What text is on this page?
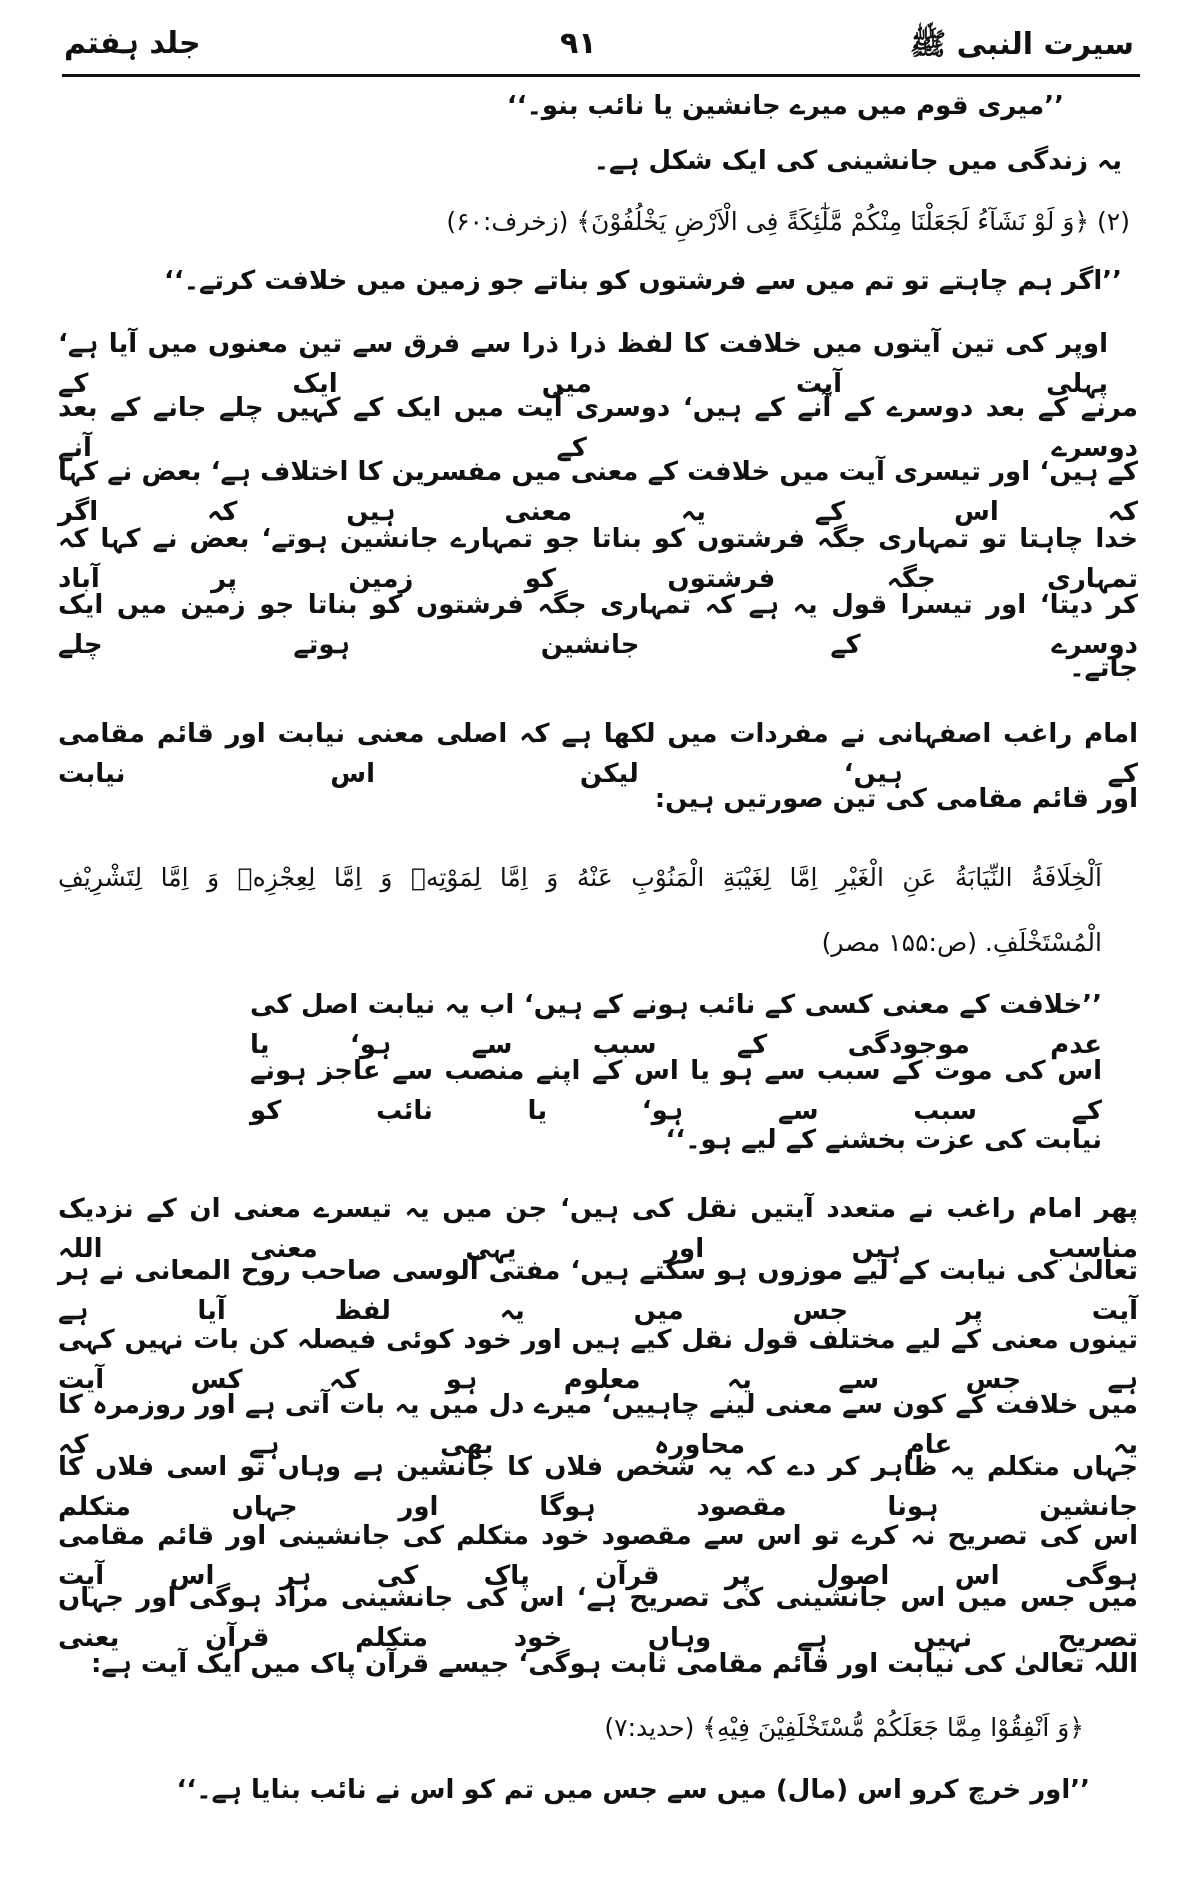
سیرت النبی ﷺ
۹۱
جلد ہفتم
’’میری قوم میں میرے جانشین یا نائب بنو۔‘‘
یہ زندگی میں جانشینی کی ایک شکل ہے۔
(۲) ﴿وَ لَوْ نَشَآءُ لَجَعَلْنَا مِنْكُمْ مَّلٰٓئِكَةً فِی الْاَرْضِ یَخْلُفُوْنَ﴾ (زخرف:۶۰)
’’اگر ہم چاہتے تو تم میں سے فرشتوں کو بناتے جو زمین میں خلافت کرتے۔‘‘
اوپر کی تین آیتوں میں خلافت کا لفظ ذرا ذرا سے فرق سے تین معنوں میں آیا ہے‘ پہلی آیت میں ایک کے
مرنے کے بعد دوسرے کے آنے کے ہیں‘ دوسری آیت میں ایک کے کہیں چلے جانے کے بعد دوسرے کے آنے
کے ہیں‘ اور تیسری آیت میں خلافت کے معنی میں مفسرین کا اختلاف ہے‘ بعض نے کہا کہ اس کے یہ معنی ہیں کہ اگر
خدا چاہتا تو تمہاری جگہ فرشتوں کو بناتا جو تمہارے جانشین ہوتے‘ بعض نے کہا کہ تمہاری جگہ فرشتوں کو زمین پر آباد
کر دیتا‘ اور تیسرا قول یہ ہے کہ تمہاری جگہ فرشتوں کو بناتا جو زمین میں ایک دوسرے کے جانشین ہوتے چلے
جاتے۔
امام راغب اصفہانی نے مفردات میں لکھا ہے کہ اصلی معنی نیابت اور قائم مقامی کے ہیں‘ لیکن اس نیابت
اور قائم مقامی کی تین صورتیں ہیں:
اَلْخِلَافَةُ النِّیَابَةُ عَنِ الْغَیْرِ اِمَّا لِغَیْبَةِ الْمَنُوْبِ عَنْهُ وَ اِمَّا لِمَوْتِهٖ وَ اِمَّا لِعِجْزِهٖ وَ اِمَّا لِتَشْرِیْفِ
الْمُسْتَخْلَفِ. (ص:۱۵۵ مصر)
’’خلافت کے معنی کسی کے نائب ہونے کے ہیں‘ اب یہ نیابت اصل کی عدم موجودگی کے سبب سے ہو‘ یا
اس کی موت کے سبب سے ہو یا اس کے اپنے منصب سے عاجز ہونے کے سبب سے ہو‘ یا نائب کو
نیابت کی عزت بخشنے کے لیے ہو۔‘‘
پھر امام راغب نے متعدد آیتیں نقل کی ہیں‘ جن میں یہ تیسرے معنی ان کے نزدیک مناسب ہیں اور یہی معنی اللہ
تعالیٰ کی نیابت کے لیے موزوں ہو سکتے ہیں‘ مفتی آلوسی صاحب روح المعانی نے ہر آیت پر جس میں یہ لفظ آیا ہے
تینوں معنی کے لیے مختلف قول نقل کیے ہیں اور خود کوئی فیصلہ کن بات نہیں کہی ہے جس سے یہ معلوم ہو کہ کس آیت
میں خلافت کے کون سے معنی لینے چاہییں‘ میرے دل میں یہ بات آتی ہے اور روزمرہ کا یہ عام محاورہ بھی ہے کہ
جہاں متکلم یہ ظاہر کر دے کہ یہ شخص فلاں کا جانشین ہے وہاں تو اسی فلاں کا جانشین ہونا مقصود ہوگا اور جہاں متکلم
اس کی تصریح نہ کرے تو اس سے مقصود خود متکلم کی جانشینی اور قائم مقامی ہوگی اس اصول پر قرآن پاک کی ہر اس آیت
میں جس میں اس جانشینی کی تصریح ہے‘ اس کی جانشینی مراد ہوگی اور جہاں تصریح نہیں ہے وہاں خود متکلم قرآن یعنی
اللہ تعالیٰ کی نیابت اور قائم مقامی ثابت ہوگی‘ جیسے قرآن پاک میں ایک آیت ہے:
﴿وَ اَنْفِقُوْا مِمَّا جَعَلَكُمْ مُّسْتَخْلَفِیْنَ فِیْهِ﴾ (حدید:۷)
’’اور خرچ کرو اس (مال) میں سے جس میں تم کو اس نے نائب بنایا ہے۔‘‘
